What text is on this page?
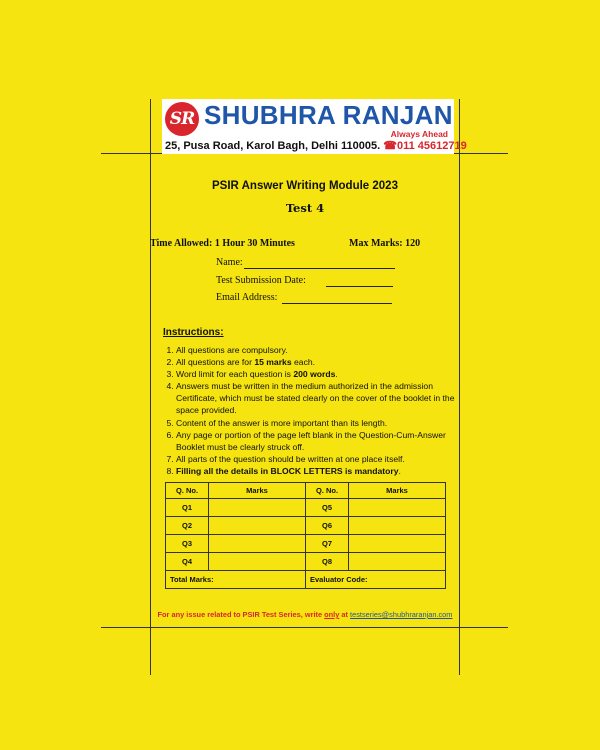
SR SHUBHRA RANJAN
Always Ahead
25, Pusa Road, Karol Bagh, Delhi 110005. ☎011 45612719
PSIR Answer Writing Module 2023
Test 4
Time Allowed: 1 Hour 30 Minutes	Max Marks: 120
Name:
Test Submission Date:
Email Address:
Instructions:
1. All questions are compulsory.
2. All questions are for 15 marks each.
3. Word limit for each question is 200 words.
4. Answers must be written in the medium authorized in the admission Certificate, which must be stated clearly on the cover of the booklet in the space provided.
5. Content of the answer is more important than its length.
6. Any page or portion of the page left blank in the Question-Cum-Answer Booklet must be clearly struck off.
7. All parts of the question should be written at one place itself.
8. Filling all the details in BLOCK LETTERS is mandatory.
Q. No.	Marks	Q. No.	Marks
Q1		Q5	
Q2		Q6	
Q3		Q7	
Q4		Q8	
Total Marks:		Evaluator Code:	
For any issue related to PSIR Test Series, write only at testseries@shubhraranjan.com
